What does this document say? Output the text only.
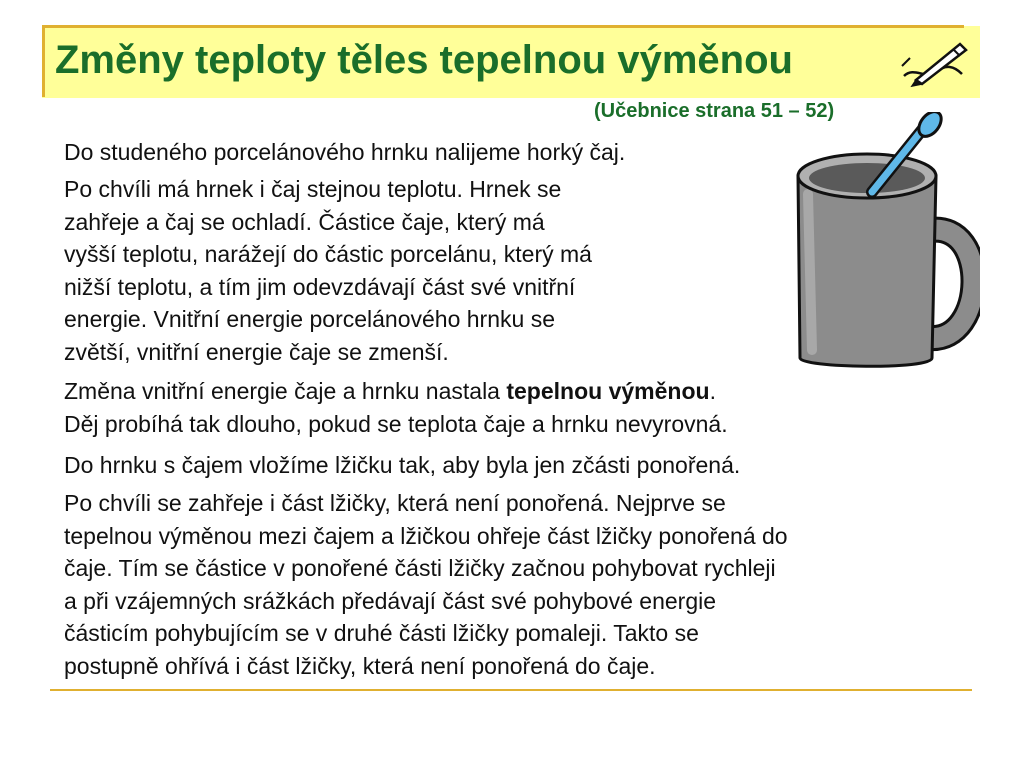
Změny teploty těles tepelnou výměnou
(Učebnice strana 51 – 52)

Do studeného porcelánového hrnku nalijeme horký čaj.

Po chvíli má hrnek i čaj stejnou teplotu. Hrnek se
zahřeje a čaj se ochladí. Částice čaje, který má
vyšší teplotu, narážejí do částic porcelánu, který má
nižší teplotu, a tím jim odevzdávají část své vnitřní
energie. Vnitřní energie porcelánového hrnku se
zvětší, vnitřní energie čaje se zmenší.

Změna vnitřní energie čaje a hrnku nastala tepelnou výměnou.
Děj probíhá tak dlouho, pokud se teplota čaje a hrnku nevyrovná.

Do hrnku s čajem vložíme lžičku tak, aby byla jen zčásti ponořená.

Po chvíli se zahřeje i část lžičky, která není ponořená. Nejprve se
tepelnou výměnou mezi čajem a lžičkou ohřeje část lžičky ponořená do
čaje. Tím se částice v ponořené části lžičky začnou pohybovat rychleji
a při vzájemných srážkách předávají část své pohybové energie
částicím pohybujícím se v druhé části lžičky pomaleji. Takto se
postupně ohřívá i část lžičky, která není ponořená do čaje.
